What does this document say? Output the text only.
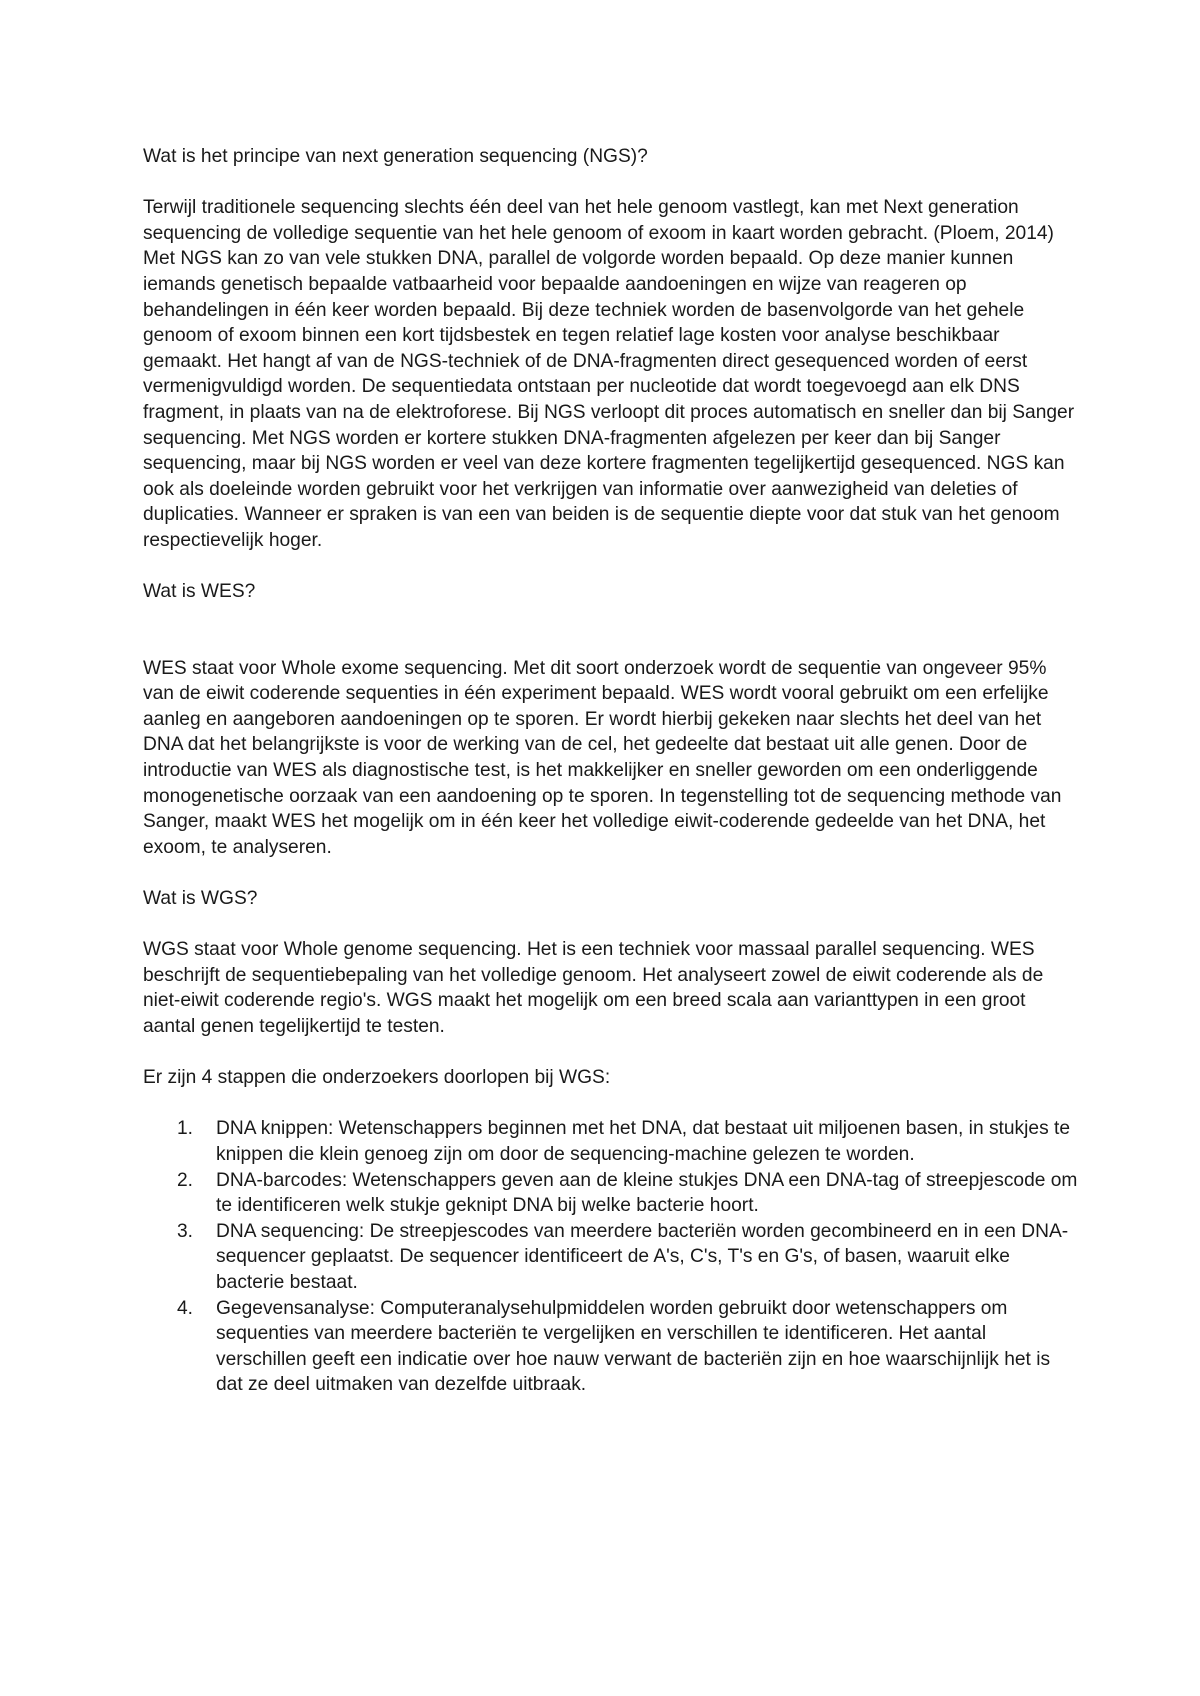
Wat is het principe van next generation sequencing (NGS)?

Terwijl traditionele sequencing slechts één deel van het hele genoom vastlegt, kan met Next generation sequencing de volledige sequentie van het hele genoom of exoom in kaart worden gebracht. (Ploem, 2014) Met NGS kan zo van vele stukken DNA, parallel de volgorde worden bepaald. Op deze manier kunnen iemands genetisch bepaalde vatbaarheid voor bepaalde aandoeningen en wijze van reageren op behandelingen in één keer worden bepaald. Bij deze techniek worden de basenvolgorde van het gehele genoom of exoom binnen een kort tijdsbestek en tegen relatief lage kosten voor analyse beschikbaar gemaakt. Het hangt af van de NGS-techniek of de DNA-fragmenten direct gesequenced worden of eerst vermenigvuldigd worden. De sequentiedata ontstaan per nucleotide dat wordt toegevoegd aan elk DNS fragment, in plaats van na de elektroforese. Bij NGS verloopt dit proces automatisch en sneller dan bij Sanger sequencing. Met NGS worden er kortere stukken DNA-fragmenten afgelezen per keer dan bij Sanger sequencing, maar bij NGS worden er veel van deze kortere fragmenten tegelijkertijd gesequenced. NGS kan ook als doeleinde worden gebruikt voor het verkrijgen van informatie over aanwezigheid van deleties of duplicaties. Wanneer er spraken is van een van beiden is de sequentie diepte voor dat stuk van het genoom respectievelijk hoger.

Wat is WES?

WES staat voor Whole exome sequencing. Met dit soort onderzoek wordt de sequentie van ongeveer 95% van de eiwit coderende sequenties in één experiment bepaald. WES wordt vooral gebruikt om een erfelijke aanleg en aangeboren aandoeningen op te sporen. Er wordt hierbij gekeken naar slechts het deel van het DNA dat het belangrijkste is voor de werking van de cel, het gedeelte dat bestaat uit alle genen. Door de introductie van WES als diagnostische test, is het makkelijker en sneller geworden om een onderliggende monogenetische oorzaak van een aandoening op te sporen. In tegenstelling tot de sequencing methode van Sanger, maakt WES het mogelijk om in één keer het volledige eiwit-coderende gedeelde van het DNA, het exoom, te analyseren.

Wat is WGS?

WGS staat voor Whole genome sequencing. Het is een techniek voor massaal parallel sequencing. WES beschrijft de sequentiebepaling van het volledige genoom. Het analyseert zowel de eiwit coderende als de niet-eiwit coderende regio's. WGS maakt het mogelijk om een breed scala aan varianttypen in een groot aantal genen tegelijkertijd te testen.

Er zijn 4 stappen die onderzoekers doorlopen bij WGS:

1.	DNA knippen: Wetenschappers beginnen met het DNA, dat bestaat uit miljoenen basen, in stukjes te knippen die klein genoeg zijn om door de sequencing-machine gelezen te worden.
2.	DNA-barcodes: Wetenschappers geven aan de kleine stukjes DNA een DNA-tag of streepjescode om te identificeren welk stukje geknipt DNA bij welke bacterie hoort.
3.	DNA sequencing: De streepjescodes van meerdere bacteriën worden gecombineerd en in een DNA-sequencer geplaatst. De sequencer identificeert de A's, C's, T's en G's, of basen, waaruit elke bacterie bestaat.
4.	Gegevensanalyse: Computeranalysehulpmiddelen worden gebruikt door wetenschappers om sequenties van meerdere bacteriën te vergelijken en verschillen te identificeren. Het aantal verschillen geeft een indicatie over hoe nauw verwant de bacteriën zijn en hoe waarschijnlijk het is dat ze deel uitmaken van dezelfde uitbraak.
